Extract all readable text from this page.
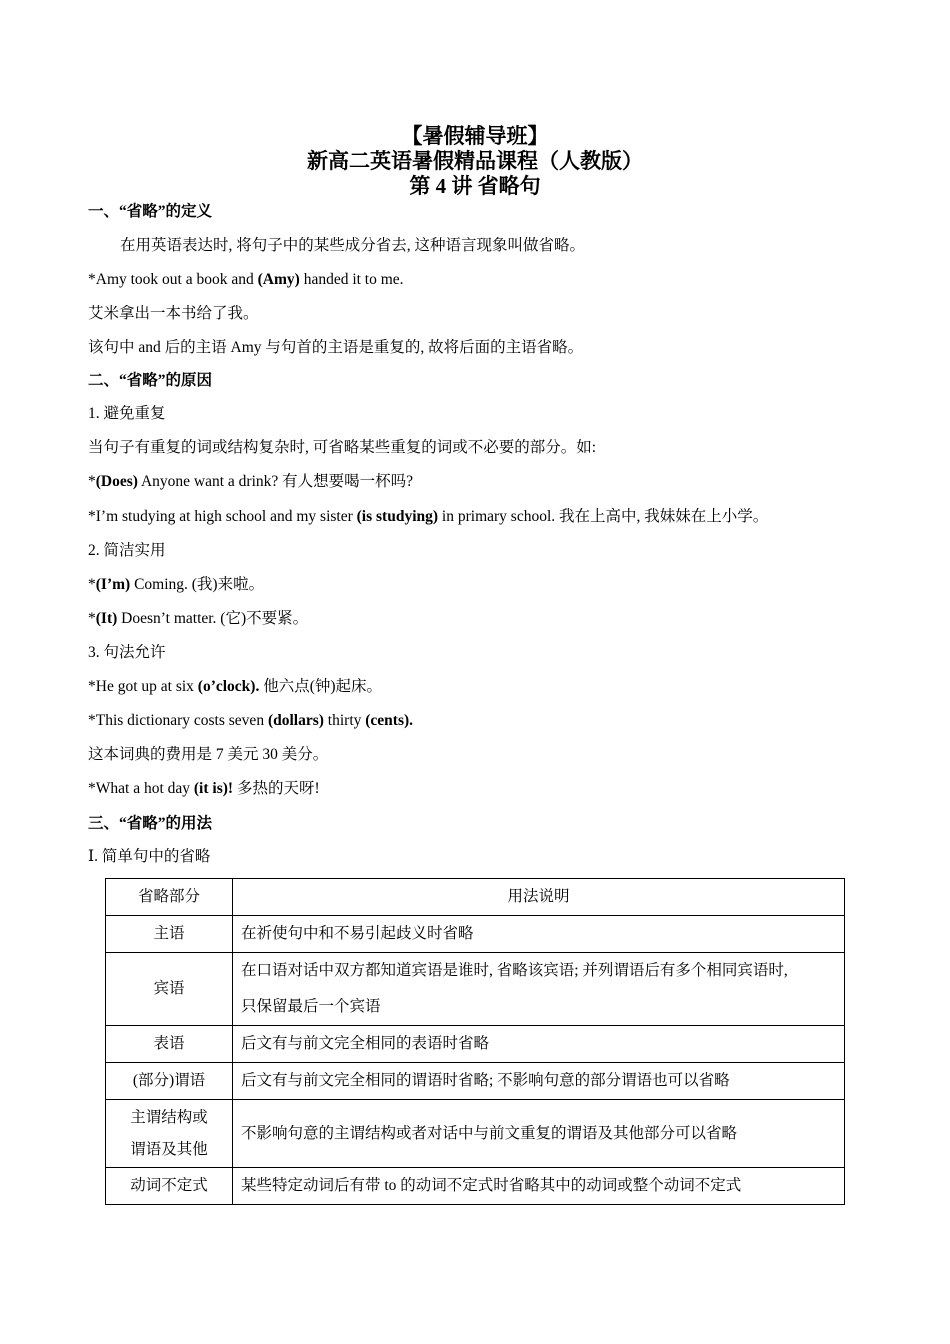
【暑假辅导班】
新高二英语暑假精品课程（人教版）
第 4 讲 省略句
一、“省略”的定义
在用英语表达时, 将句子中的某些成分省去, 这种语言现象叫做省略。
*Amy took out a book and (Amy) handed it to me.
艾米拿出一本书给了我。
该句中 and 后的主语 Amy 与句首的主语是重复的, 故将后面的主语省略。
二、“省略”的原因
1. 避免重复
当句子有重复的词或结构复杂时, 可省略某些重复的词或不必要的部分。如:
*(Does) Anyone want a drink? 有人想要喝一杯吗?
*I’m studying at high school and my sister (is studying) in primary school. 我在上高中, 我妹妹在上小学。
2. 简洁实用
*(I’m) Coming. (我)来啦。
*(It) Doesn’t matter. (它)不要紧。
3. 句法允许
*He got up at six (o’clock). 他六点(钟)起床。
*This dictionary costs seven (dollars) thirty (cents).
这本词典的费用是 7 美元 30 美分。
*What a hot day (it is)! 多热的天呀!
三、“省略”的用法
Ⅰ. 简单句中的省略
省略部分	用法说明
主语	在祈使句中和不易引起歧义时省略
宾语	在口语对话中双方都知道宾语是谁时, 省略该宾语; 并列谓语后有多个相同宾语时,
只保留最后一个宾语

表语	后文有与前文完全相同的表语时省略
(部分)谓语	后文有与前文完全相同的谓语时省略; 不影响句意的部分谓语也可以省略

主谓结构或
谓语及其他	不影响句意的主谓结构或者对话中与前文重复的谓语及其他部分可以省略
动词不定式	某些特定动词后有带 to 的动词不定式时省略其中的动词或整个动词不定式
